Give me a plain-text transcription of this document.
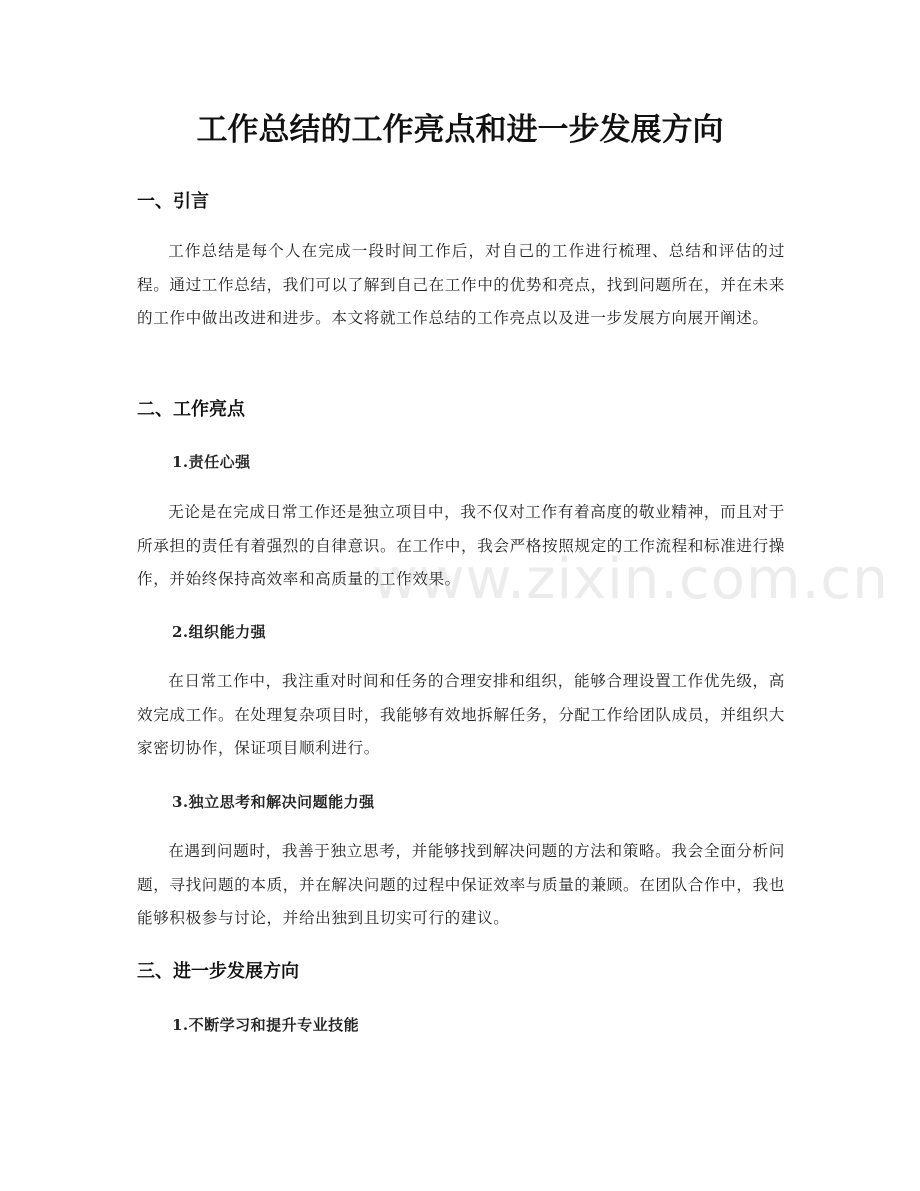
工作总结的工作亮点和进一步发展方向
一、引言

工作总结是每个人在完成一段时间工作后，对自己的工作进行梳理、总结和评估的过程。通过工作总结，我们可以了解到自己在工作中的优势和亮点，找到问题所在，并在未来的工作中做出改进和进步。本文将就工作总结的工作亮点以及进一步发展方向展开阐述。

二、工作亮点
1.责任心强

无论是在完成日常工作还是独立项目中，我不仅对工作有着高度的敬业精神，而且对于所承担的责任有着强烈的自律意识。在工作中，我会严格按照规定的工作流程和标准进行操作，并始终保持高效率和高质量的工作效果。

2.组织能力强

在日常工作中，我注重对时间和任务的合理安排和组织，能够合理设置工作优先级，高效完成工作。在处理复杂项目时，我能够有效地拆解任务，分配工作给团队成员，并组织大家密切协作，保证项目顺利进行。

3.独立思考和解决问题能力强

在遇到问题时，我善于独立思考，并能够找到解决问题的方法和策略。我会全面分析问题，寻找问题的本质，并在解决问题的过程中保证效率与质量的兼顾。在团队合作中，我也能够积极参与讨论，并给出独到且切实可行的建议。

三、进一步发展方向
1.不断学习和提升专业技能
www.zixin.com.cn
